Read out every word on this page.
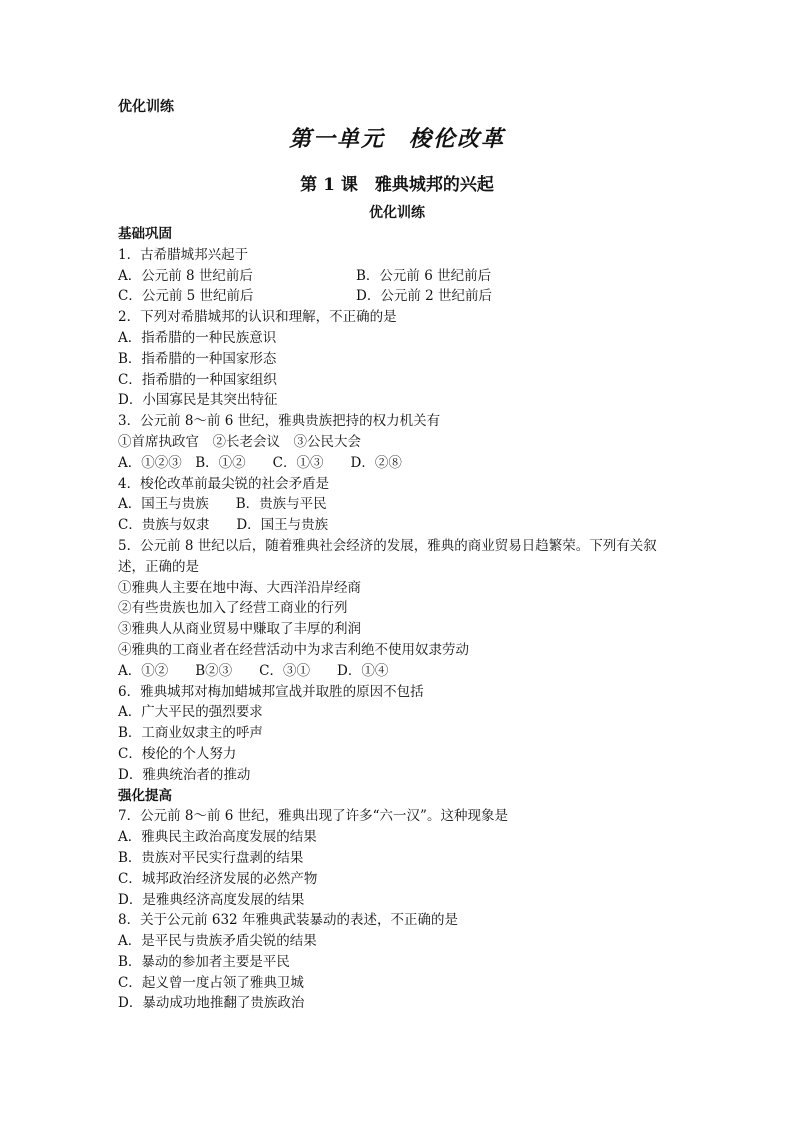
优化训练
第一单元　梭伦改革
第 1 课　雅典城邦的兴起
优化训练
基础巩固
1．古希腊城邦兴起于
A．公元前 8 世纪前后	B．公元前 6 世纪前后
C．公元前 5 世纪前后	D．公元前 2 世纪前后
2．下列对希腊城邦的认识和理解，不正确的是
A．指希腊的一种民族意识
B．指希腊的一种国家形态
C．指希腊的一种国家组织
D．小国寡民是其突出特征
3．公元前 8～前 6 世纪，雅典贵族把持的权力机关有
①首席执政官　②长老会议　③公民大会
A．①②③　B．①②　　C．①③　　D．②⑧
4．梭伦改革前最尖锐的社会矛盾是
A．国王与贵族　　B．贵族与平民
C．贵族与奴隶　　D．国王与贵族
5．公元前 8 世纪以后，随着雅典社会经济的发展，雅典的商业贸易日趋繁荣。下列有关叙
述，正确的是
①雅典人主要在地中海、大西洋沿岸经商
②有些贵族也加入了经营工商业的行列
③雅典人从商业贸易中赚取了丰厚的利润
④雅典的工商业者在经营活动中为求吉利绝不使用奴隶劳动
A．①②　　B②③　　C．③①　　D．①④
6．雅典城邦对梅加蜡城邦宣战并取胜的原因不包括
A．广大平民的强烈要求
B．工商业奴隶主的呼声
C．梭伦的个人努力
D．雅典统治者的推动
强化提高
7．公元前 8～前 6 世纪，雅典出现了许多“六一汉”。这种现象是
A．雅典民主政治高度发展的结果
B．贵族对平民实行盘剥的结果
C．城邦政治经济发展的必然产物
D．是雅典经济高度发展的结果
8．关于公元前 632 年雅典武装暴动的表述，不正确的是
A．是平民与贵族矛盾尖锐的结果
B．暴动的参加者主要是平民
C．起义曾一度占领了雅典卫城
D．暴动成功地推翻了贵族政治
